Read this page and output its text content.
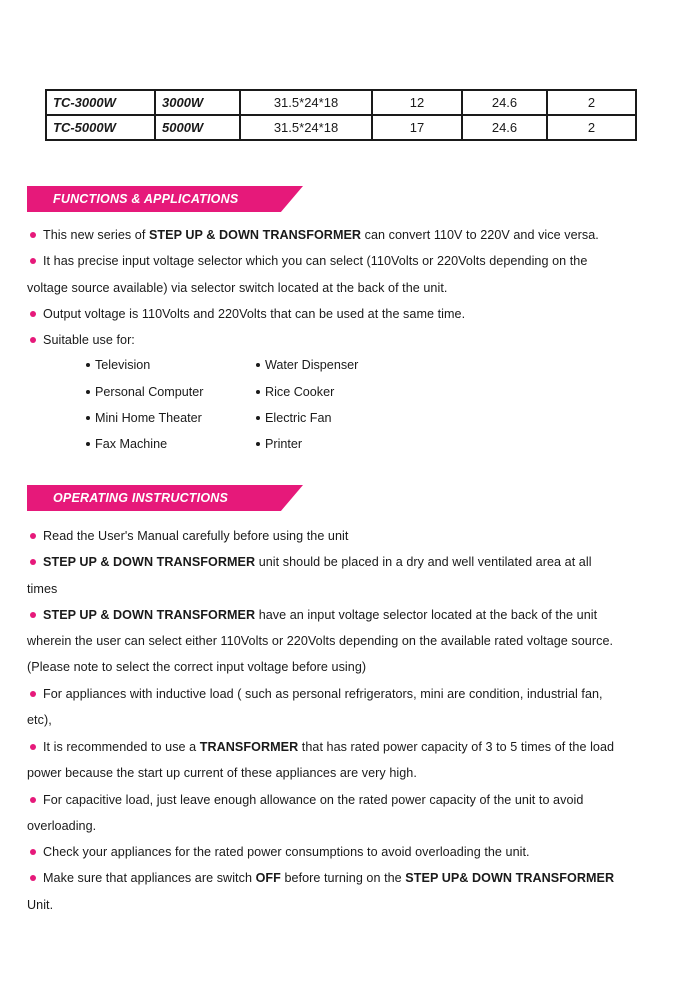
TC-3000W	3000W	31.5*24*18	12	24.6	2
TC-5000W	5000W	31.5*24*18	17	24.6	2
FUNCTIONS & APPLICATIONS
This new series of STEP UP & DOWN TRANSFORMER can convert 110V to 220V and vice versa.
It has precise input voltage selector which you can select (110Volts or 220Volts depending on the
voltage source available) via selector switch located at the back of the unit.
Output voltage is 110Volts and 220Volts that can be used at the same time.
Suitable use for:
Television
Personal Computer
Mini Home Theater
Fax Machine
Water Dispenser
Rice Cooker
Electric Fan
Printer
OPERATING INSTRUCTIONS
Read the User's Manual carefully before using the unit
STEP UP & DOWN TRANSFORMER unit should be placed in a dry and well ventilated area at all
times
STEP UP & DOWN TRANSFORMER have an input voltage selector located at the back of the unit
wherein the user can select either 110Volts or 220Volts depending on the available rated voltage source.
(Please note to select the correct input voltage before using)
For appliances with inductive load ( such as personal refrigerators, mini are condition, industrial fan,
etc),
It is recommended to use a TRANSFORMER that has rated power capacity of 3 to 5 times of the load
power because the start up current of these appliances are very high.
For capacitive load, just leave enough allowance on the rated power capacity of the unit to avoid
overloading.
Check your appliances for the rated power consumptions to avoid overloading the unit.
Make sure that appliances are switch OFF before turning on the STEP UP& DOWN TRANSFORMER
Unit.
